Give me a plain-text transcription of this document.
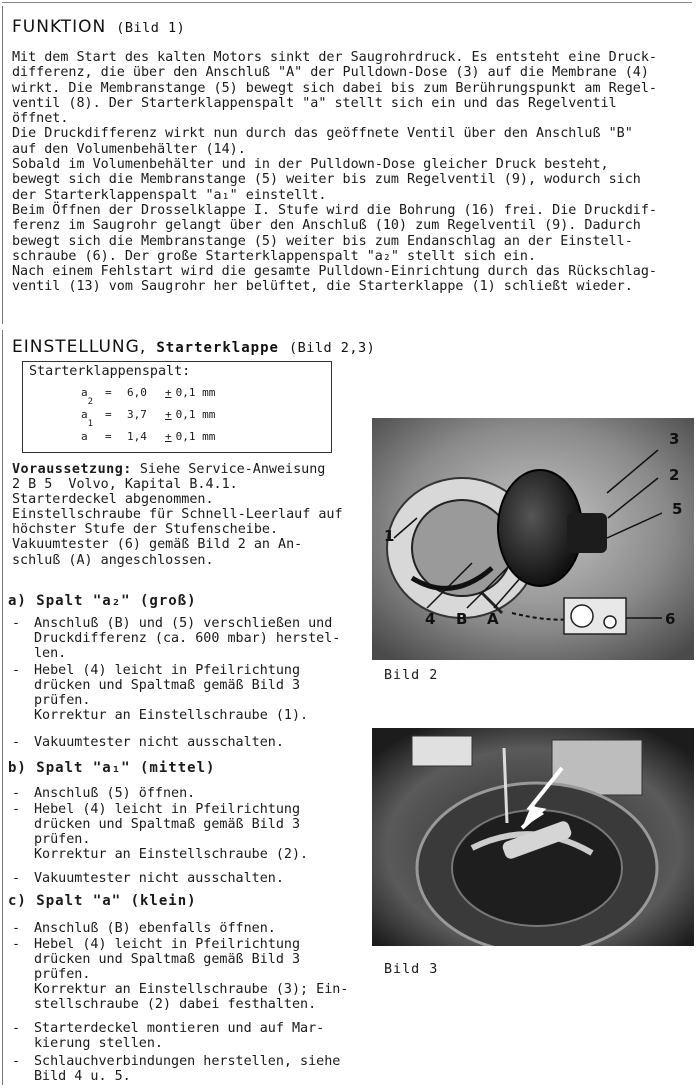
FUNKTION (Bild 1)

Mit dem Start des kalten Motors sinkt der Saugrohrdruck. Es entsteht eine Druck-
differenz, die über den Anschluß "A" der Pulldown-Dose (3) auf die Membrane (4)
wirkt. Die Membranstange (5) bewegt sich dabei bis zum Berührungspunkt am Regel-
ventil (8). Der Starterklappenspalt "a" stellt sich ein und das Regelventil
öffnet.
Die Druckdifferenz wirkt nun durch das geöffnete Ventil über den Anschluß "B"
auf den Volumenbehälter (14).
Sobald im Volumenbehälter und in der Pulldown-Dose gleicher Druck besteht,
bewegt sich die Membranstange (5) weiter bis zum Regelventil (9), wodurch sich
der Starterklappenspalt "a₁" einstellt.
Beim Öffnen der Drosselklappe I. Stufe wird die Bohrung (16) frei. Die Druckdif-
ferenz im Saugrohr gelangt über den Anschluß (10) zum Regelventil (9). Dadurch
bewegt sich die Membranstange (5) weiter bis zum Endanschlag an der Einstell-
schraube (6). Der große Starterklappenspalt "a₂" stellt sich ein.
Nach einem Fehlstart wird die gesamte Pulldown-Einrichtung durch das Rückschlag-
ventil (13) vom Saugrohr her belüftet, die Starterklappe (1) schließt wieder.

EINSTELLUNG, Starterklappe (Bild 2,3)
Starterklappenspalt:
$a_2= 6,0 + 0,1$ mm
$a_1= 3,7 + 0,1$ mm
a = 1,4 + 0,1 mm

Voraussetzung: Siehe Service-Anweisung
2 B 5  Volvo, Kapital B.4.1.
Starterdeckel abgenommen.
Einstellschraube für Schnell-Leerlauf auf
höchster Stufe der Stufenscheibe.
Vakuumtester (6) gemäß Bild 2 an An-
schluß (A) angeschlossen.

a) Spalt "a₂" (groß)
- Anschluß (B) und (5) verschließen und
Druckdifferenz (ca. 600 mbar) herstel-
len.
- Hebel (4) leicht in Pfeilrichtung
drücken und Spaltmaß gemäß Bild 3
prüfen.
Korrektur an Einstellschraube (1).
- Vakuumtester nicht ausschalten.
b) Spalt "a₁" (mittel)
- Anschluß (5) öffnen.
- Hebel (4) leicht in Pfeilrichtung
drücken und Spaltmaß gemäß Bild 3
prüfen.
Korrektur an Einstellschraube (2).
- Vakuumtester nicht ausschalten.
c) Spalt "a" (klein)
- Anschluß (B) ebenfalls öffnen.
- Hebel (4) leicht in Pfeilrichtung
drücken und Spaltmaß gemäß Bild 3
prüfen.
Korrektur an Einstellschraube (3); Ein-
stellschraube (2) dabei festhalten.
- Starterdeckel montieren und auf Mar-
kierung stellen.
- Schlauchverbindungen herstellen, siehe
Bild 4 u. 5.
3
2
5
1
4 B A	6
Bild 2
Bild 3
